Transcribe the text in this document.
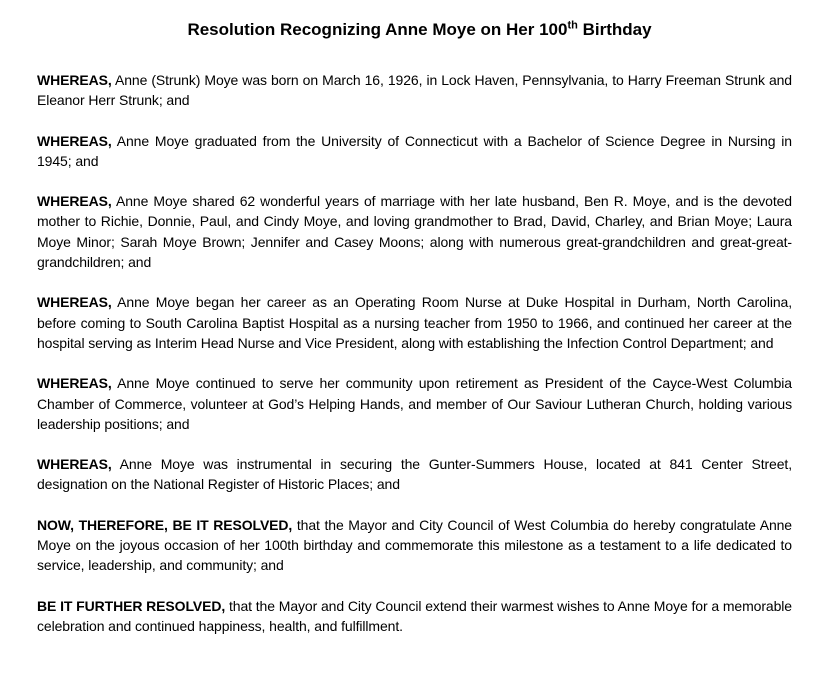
Resolution Recognizing Anne Moye on Her 100th Birthday

WHEREAS, Anne (Strunk) Moye was born on March 16, 1926, in Lock Haven, Pennsylvania, to Harry Freeman Strunk and Eleanor Herr Strunk; and

WHEREAS, Anne Moye graduated from the University of Connecticut with a Bachelor of Science Degree in Nursing in 1945; and

WHEREAS, Anne Moye shared 62 wonderful years of marriage with her late husband, Ben R. Moye, and is the devoted mother to Richie, Donnie, Paul, and Cindy Moye, and loving grandmother to Brad, David, Charley, and Brian Moye; Laura Moye Minor; Sarah Moye Brown; Jennifer and Casey Moons; along with numerous great-grandchildren and great-great-grandchildren; and

WHEREAS, Anne Moye began her career as an Operating Room Nurse at Duke Hospital in Durham, North Carolina, before coming to South Carolina Baptist Hospital as a nursing teacher from 1950 to 1966, and continued her career at the hospital serving as Interim Head Nurse and Vice President, along with establishing the Infection Control Department; and

WHEREAS, Anne Moye continued to serve her community upon retirement as President of the Cayce-West Columbia Chamber of Commerce, volunteer at God’s Helping Hands, and member of Our Saviour Lutheran Church, holding various leadership positions; and

WHEREAS, Anne Moye was instrumental in securing the Gunter-Summers House, located at 841 Center Street, designation on the National Register of Historic Places; and

NOW, THEREFORE, BE IT RESOLVED, that the Mayor and City Council of West Columbia do hereby congratulate Anne Moye on the joyous occasion of her 100th birthday and commemorate this milestone as a testament to a life dedicated to service, leadership, and community; and

BE IT FURTHER RESOLVED, that the Mayor and City Council extend their warmest wishes to Anne Moye for a memorable celebration and continued happiness, health, and fulfillment.
